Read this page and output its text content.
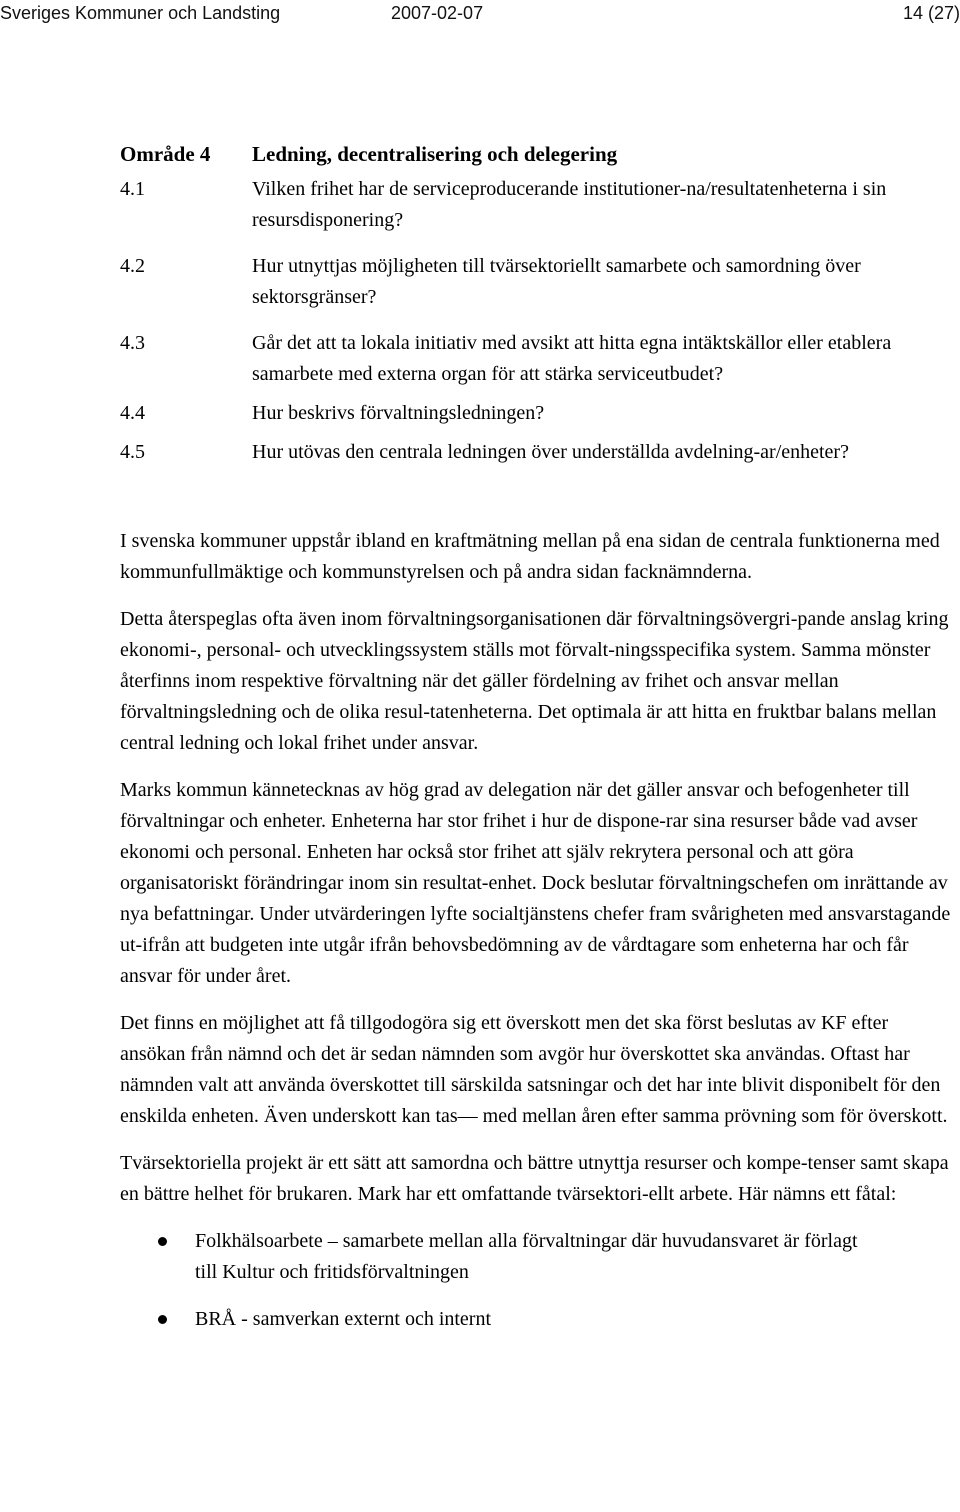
Sveriges Kommuner och Landsting	2007-02-07	14 (27)
Område 4	Ledning, decentralisering och delegering
4.1	Vilken frihet har de serviceproducerande institutioner-na/resultatenheterna i sin resursdisponering?
4.2	Hur utnyttjas möjligheten till tvärsektoriellt samarbete och samordning över sektorsgränser?
4.3	Går det att ta lokala initiativ med avsikt att hitta egna intäktskällor eller etablera samarbete med externa organ för att stärka serviceutbudet?
4.4	Hur beskrivs förvaltningsledningen?
4.5	Hur utövas den centrala ledningen över underställda avdelning-ar/enheter?

I svenska kommuner uppstår ibland en kraftmätning mellan på ena sidan de centrala funktionerna med kommunfullmäktige och kommunstyrelsen och på andra sidan facknämnderna.

Detta återspeglas ofta även inom förvaltningsorganisationen där förvaltningsövergri-pande anslag kring ekonomi-, personal- och utvecklingssystem ställs mot förvalt-ningsspecifika system. Samma mönster återfinns inom respektive förvaltning när det gäller fördelning av frihet och ansvar mellan förvaltningsledning och de olika resul-tatenheterna. Det optimala är att hitta en fruktbar balans mellan central ledning och lokal frihet under ansvar.

Marks kommun kännetecknas av hög grad av delegation när det gäller ansvar och befogenheter till förvaltningar och enheter. Enheterna har stor frihet i hur de dispone-rar sina resurser både vad avser ekonomi och personal. Enheten har också stor frihet att själv rekrytera personal och att göra organisatoriskt förändringar inom sin resultat-enhet. Dock beslutar förvaltningschefen om inrättande av nya befattningar. Under utvärderingen lyfte socialtjänstens chefer fram svårigheten med ansvarstagande ut-ifrån att budgeten inte utgår ifrån behovsbedömning av de vårdtagare som enheterna har och får ansvar för under året.

Det finns en möjlighet att få tillgodogöra sig ett överskott men det ska först beslutas av KF efter ansökan från nämnd och det är sedan nämnden som avgör hur överskottet ska användas. Oftast har nämnden valt att använda överskottet till särskilda satsningar och det har inte blivit disponibelt för den enskilda enheten. Även underskott kan tas— med mellan åren efter samma prövning som för överskott.

Tvärsektoriella projekt är ett sätt att samordna och bättre utnyttja resurser och kompe-tenser samt skapa en bättre helhet för brukaren. Mark har ett omfattande tvärsektori-ellt arbete. Här nämns ett fåtal:

Folkhälsoarbete – samarbete mellan alla förvaltningar där huvudansvaret är förlagt till Kultur och fritidsförvaltningen
BRÅ - samverkan externt och internt
